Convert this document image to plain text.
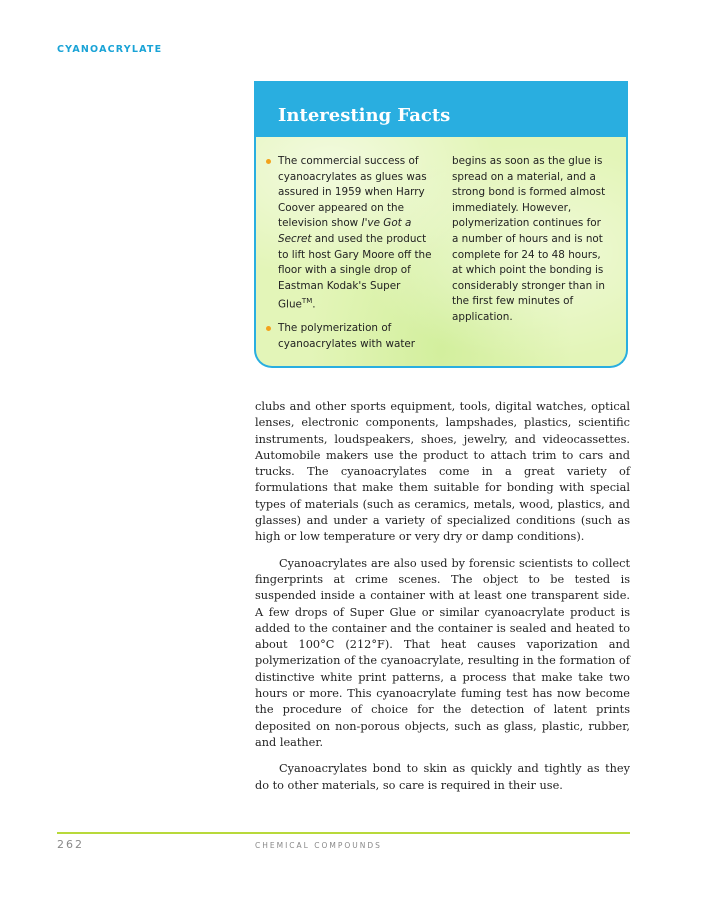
CYANOACRYLATE
Interesting Facts
The commercial success of cyanoacrylates as glues was assured in 1959 when Harry Coover appeared on the television show I've Got a Secret and used the product to lift host Gary Moore off the floor with a single drop of Eastman Kodak's Super Glue™.
The polymerization of cyanoacrylates with water
begins as soon as the glue is spread on a material, and a strong bond is formed almost immediately. However, polymerization continues for a number of hours and is not complete for 24 to 48 hours, at which point the bonding is considerably stronger than in the first few minutes of application.

clubs and other sports equipment, tools, digital watches, optical lenses, electronic components, lampshades, plastics, scientific instruments, loudspeakers, shoes, jewelry, and videocassettes. Automobile makers use the product to attach trim to cars and trucks. The cyanoacrylates come in a great variety of formulations that make them suitable for bonding with special types of materials (such as ceramics, metals, wood, plastics, and glasses) and under a variety of specialized conditions (such as high or low temperature or very dry or damp conditions).

Cyanoacrylates are also used by forensic scientists to collect fingerprints at crime scenes. The object to be tested is suspended inside a container with at least one transparent side. A few drops of Super Glue or similar cyanoacrylate product is added to the container and the container is sealed and heated to about 100°C (212°F). That heat causes vaporization and polymerization of the cyanoacrylate, resulting in the formation of distinctive white print patterns, a process that make take two hours or more. This cyanoacrylate fuming test has now become the procedure of choice for the detection of latent prints deposited on non-porous objects, such as glass, plastic, rubber, and leather.

Cyanoacrylates bond to skin as quickly and tightly as they do to other materials, so care is required in their use.

262	CHEMICAL COMPOUNDS
